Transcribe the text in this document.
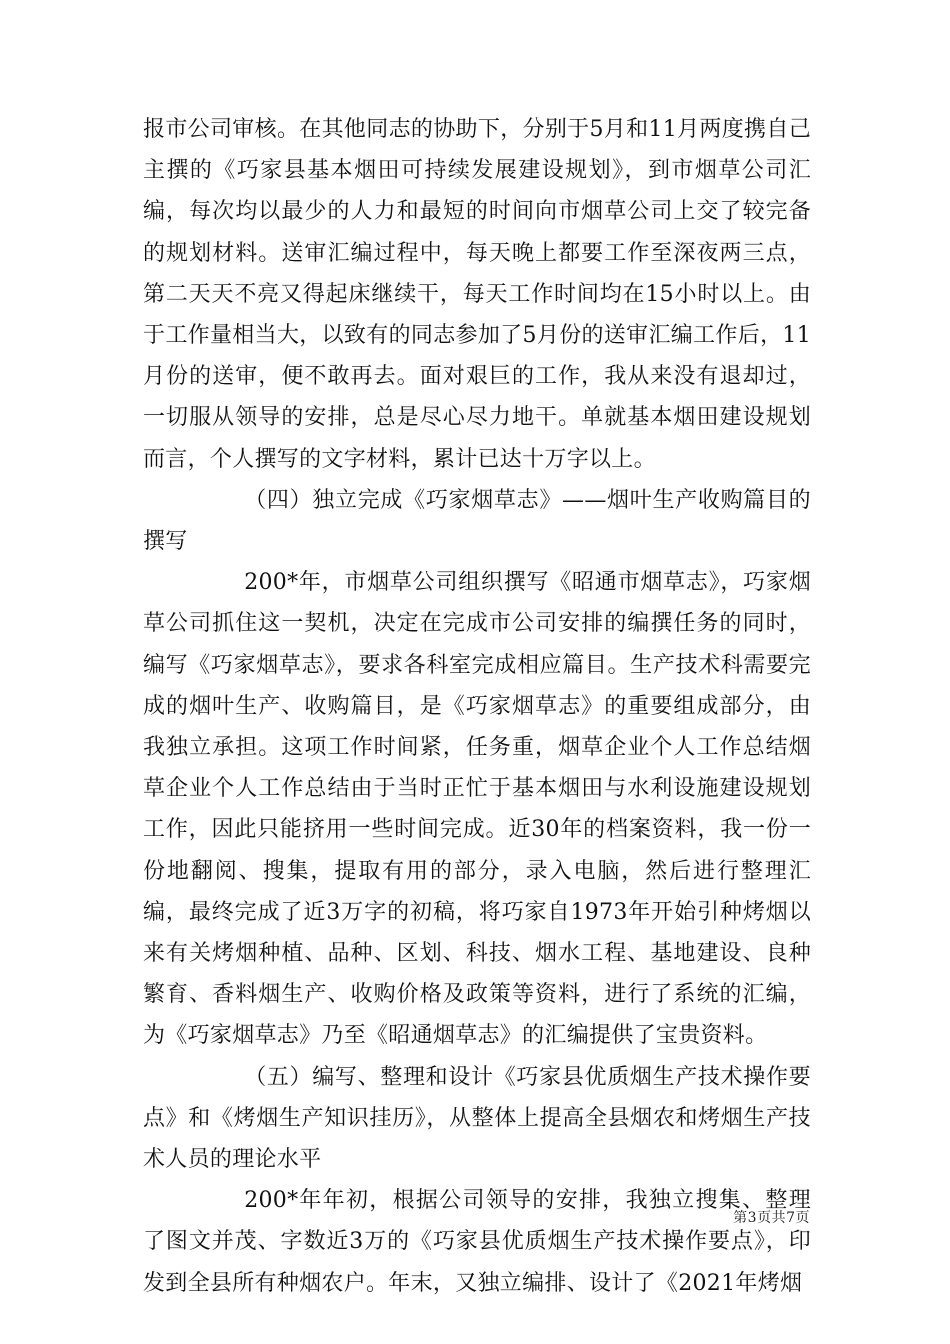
报市公司审核。在其他同志的协助下，分别于5月和11月两度携自己主撰的《巧家县基本烟田可持续发展建设规划》，到市烟草公司汇编，每次均以最少的人力和最短的时间向市烟草公司上交了较完备的规划材料。送审汇编过程中，每天晚上都要工作至深夜两三点，第二天天不亮又得起床继续干，每天工作时间均在15小时以上。由于工作量相当大，以致有的同志参加了5月份的送审汇编工作后，11月份的送审，便不敢再去。面对艰巨的工作，我从来没有退却过，一切服从领导的安排，总是尽心尽力地干。单就基本烟田建设规划而言，个人撰写的文字材料，累计已达十万字以上。

（四）独立完成《巧家烟草志》——烟叶生产收购篇目的撰写

200*年，市烟草公司组织撰写《昭通市烟草志》，巧家烟草公司抓住这一契机，决定在完成市公司安排的编撰任务的同时，编写《巧家烟草志》，要求各科室完成相应篇目。生产技术科需要完成的烟叶生产、收购篇目，是《巧家烟草志》的重要组成部分，由我独立承担。这项工作时间紧，任务重，烟草企业个人工作总结烟草企业个人工作总结由于当时正忙于基本烟田与水利设施建设规划工作，因此只能挤用一些时间完成。近30年的档案资料，我一份一份地翻阅、搜集，提取有用的部分，录入电脑，然后进行整理汇编，最终完成了近3万字的初稿，将巧家自1973年开始引种烤烟以来有关烤烟种植、品种、区划、科技、烟水工程、基地建设、良种繁育、香料烟生产、收购价格及政策等资料，进行了系统的汇编，为《巧家烟草志》乃至《昭通烟草志》的汇编提供了宝贵资料。

（五）编写、整理和设计《巧家县优质烟生产技术操作要点》和《烤烟生产知识挂历》，从整体上提高全县烟农和烤烟生产技术人员的理论水平

200*年年初，根据公司领导的安排，我独立搜集、整理了图文并茂、字数近3万的《巧家县优质烟生产技术操作要点》，印发到全县所有种烟农户。年末，又独立编排、设计了《2021年烤烟

第3页共7页
